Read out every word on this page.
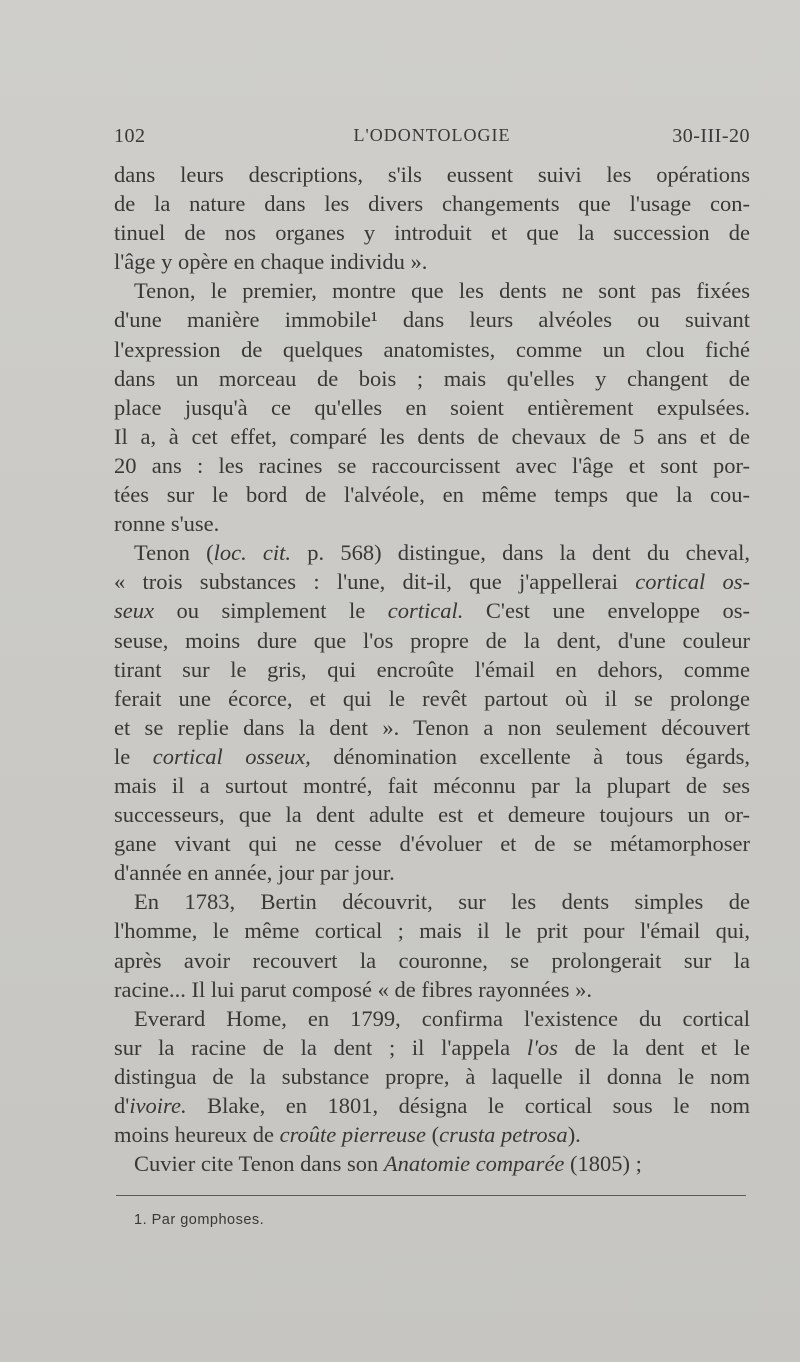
102	L'ODONTOLOGIE	30-III-20
dans leurs descriptions, s'ils eussent suivi les opérations
de la nature dans les divers changements que l'usage con-
tinuel de nos organes y introduit et que la succession de
l'âge y opère en chaque individu ».
Tenon, le premier, montre que les dents ne sont pas fixées
d'une manière immobile¹ dans leurs alvéoles ou suivant
l'expression de quelques anatomistes, comme un clou fiché
dans un morceau de bois ; mais qu'elles y changent de
place jusqu'à ce qu'elles en soient entièrement expulsées.
Il a, à cet effet, comparé les dents de chevaux de 5 ans et de
20 ans : les racines se raccourcissent avec l'âge et sont por-
tées sur le bord de l'alvéole, en même temps que la cou-
ronne s'use.
Tenon (loc. cit. p. 568) distingue, dans la dent du cheval,
« trois substances : l'une, dit-il, que j'appellerai cortical os-
seux ou simplement le cortical. C'est une enveloppe os-
seuse, moins dure que l'os propre de la dent, d'une couleur
tirant sur le gris, qui encroûte l'émail en dehors, comme
ferait une écorce, et qui le revêt partout où il se prolonge
et se replie dans la dent ». Tenon a non seulement découvert
le cortical osseux, dénomination excellente à tous égards,
mais il a surtout montré, fait méconnu par la plupart de ses
successeurs, que la dent adulte est et demeure toujours un or-
gane vivant qui ne cesse d'évoluer et de se métamorphoser
d'année en année, jour par jour.
En 1783, Bertin découvrit, sur les dents simples de
l'homme, le même cortical ; mais il le prit pour l'émail qui,
après avoir recouvert la couronne, se prolongerait sur la
racine... Il lui parut composé « de fibres rayonnées ».
Everard Home, en 1799, confirma l'existence du cortical
sur la racine de la dent ; il l'appela l'os de la dent et le
distingua de la substance propre, à laquelle il donna le nom
d'ivoire. Blake, en 1801, désigna le cortical sous le nom
moins heureux de croûte pierreuse (crusta petrosa).
Cuvier cite Tenon dans son Anatomie comparée (1805) ;
1. Par gomphoses.
